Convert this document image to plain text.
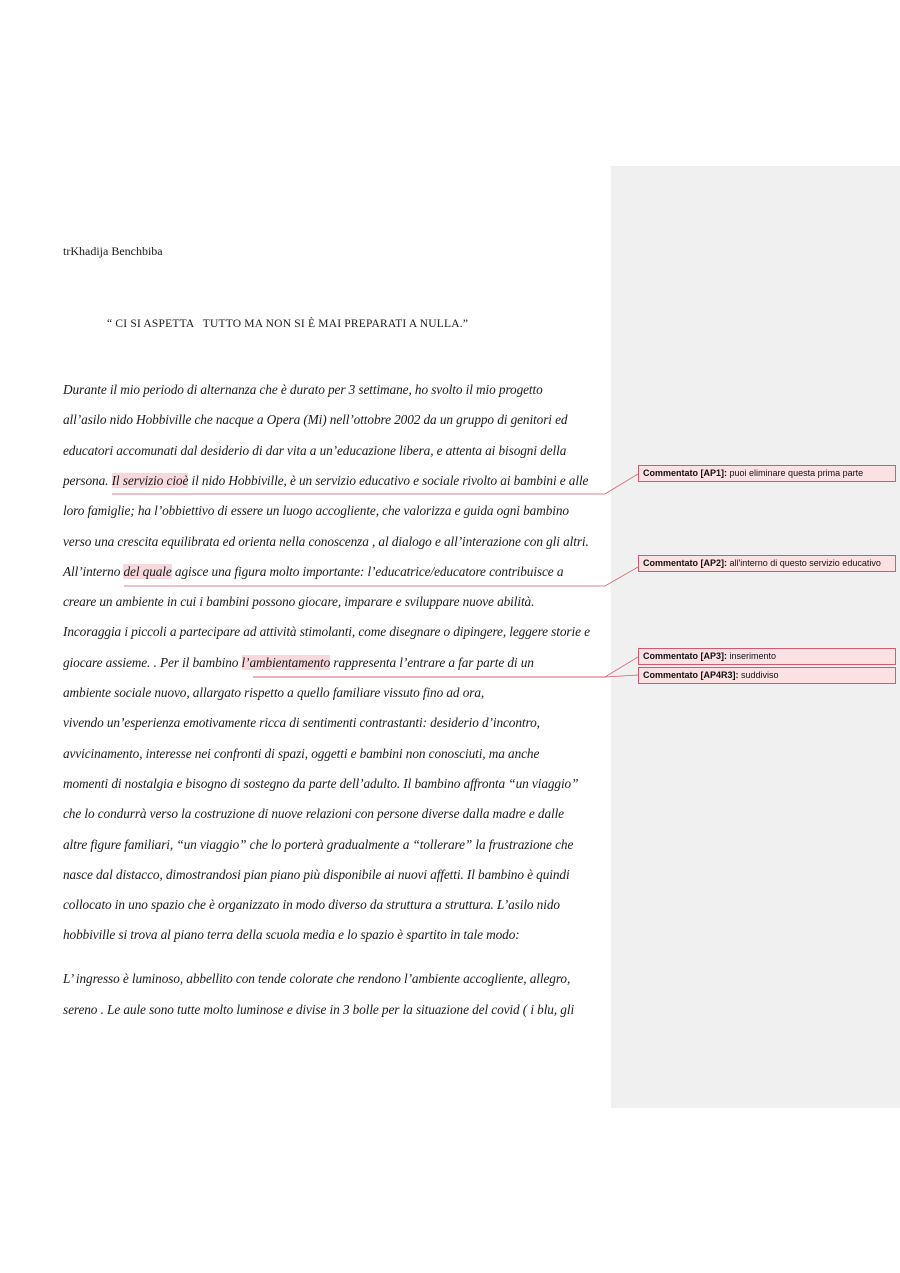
trKhadija Benchbiba
“ CI SI ASPETTA   TUTTO MA NON SI È MAI PREPARATI A NULLA.”
Durante il mio periodo di alternanza che è durato per 3 settimane, ho svolto il mio progetto
all’asilo nido Hobbiville che nacque a Opera (Mi) nell’ottobre 2002 da un gruppo di genitori ed
educatori accomunati dal desiderio di dar vita a un’educazione libera, e attenta ai bisogni della
persona. Il servizio cioè il nido Hobbiville, è un servizio educativo e sociale rivolto ai bambini e alle
loro famiglie; ha l’obbiettivo di essere un luogo accogliente, che valorizza e guida ogni bambino
verso una crescita equilibrata ed orienta nella conoscenza , al dialogo e all’interazione con gli altri.
All’interno del quale agisce una figura molto importante: l’educatrice/educatore contribuisce a
creare un ambiente in cui i bambini possono giocare, imparare e sviluppare nuove abilità.
Incoraggia i piccoli a partecipare ad attività stimolanti, come disegnare o dipingere, leggere storie e
giocare assieme. . Per il bambino l’ambientamento rappresenta l’entrare a far parte di un
ambiente sociale nuovo, allargato rispetto a quello familiare vissuto fino ad ora,
vivendo un’esperienza emotivamente ricca di sentimenti contrastanti: desiderio d’incontro,
avvicinamento, interesse nei confronti di spazi, oggetti e bambini non conosciuti, ma anche
momenti di nostalgia e bisogno di sostegno da parte dell’adulto. Il bambino affronta “un viaggio”
che lo condurrà verso la costruzione di nuove relazioni con persone diverse dalla madre e dalle
altre figure familiari, “un viaggio” che lo porterà gradualmente a “tollerare” la frustrazione che
nasce dal distacco, dimostrandosi pian piano più disponibile ai nuovi affetti. Il bambino è quindi
collocato in uno spazio che è organizzato in modo diverso da struttura a struttura. L’asilo nido
hobbiville si trova al piano terra della scuola media e lo spazio è spartito in tale modo:
L’ ingresso è luminoso, abbellito con tende colorate che rendono l’ambiente accogliente, allegro,
sereno . Le aule sono tutte molto luminose e divise in 3 bolle per la situazione del covid ( i blu, gli
Commentato [AP1]: puoi eliminare questa prima parte
Commentato [AP2]: all'interno di questo servizio educativo
Commentato [AP3]: inserimento
Commentato [AP4R3]: suddiviso
